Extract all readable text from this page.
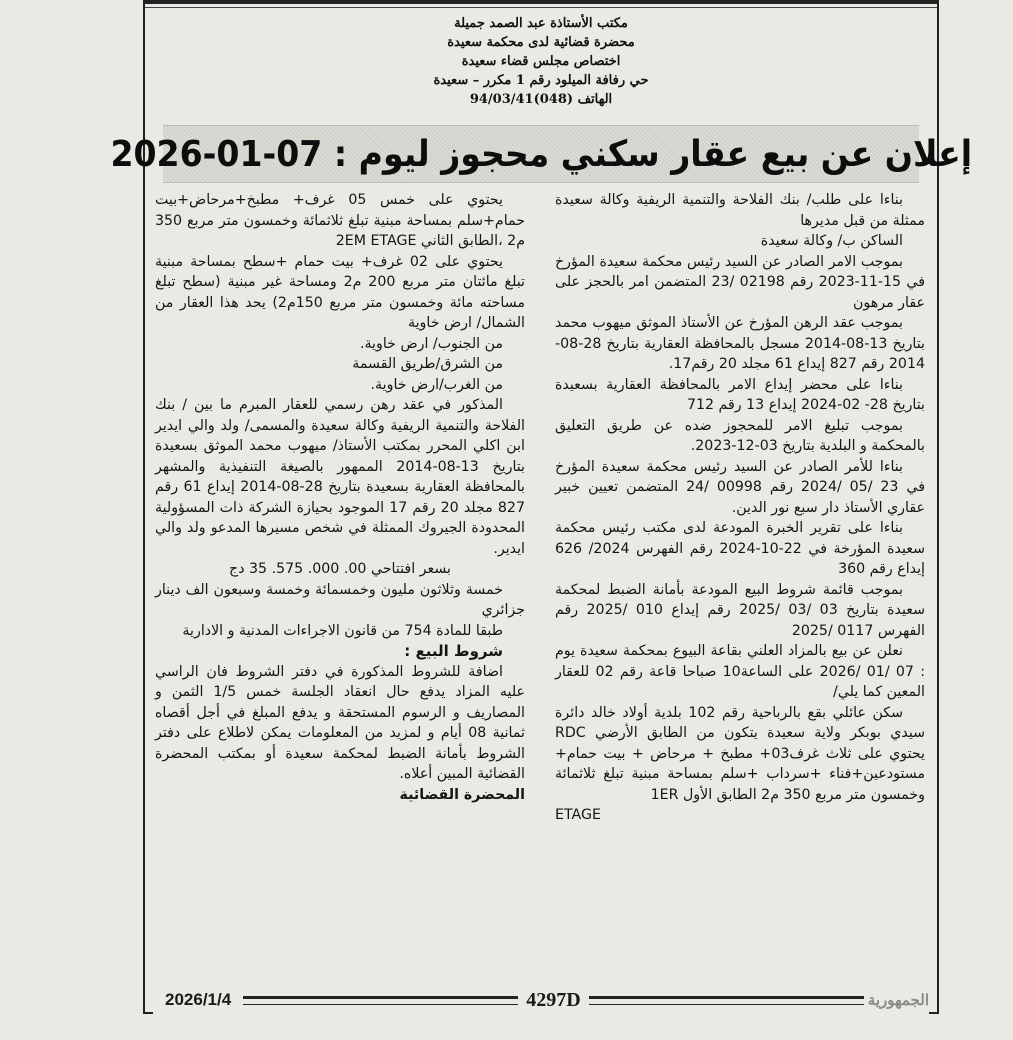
مكتب الأستاذة عبد الصمد جميلة
محضرة قضائية لدى محكمة سعيدة
اختصاص مجلس قضاء سعيدة
حي رفافة الميلود رقم 1 مكرر – سعيدة
الهاتف (048)94/03/41
إعلان عن بيع عقار سكني محجوز ليوم : 07-01-2026

بناءا على طلب/ بنك الفلاحة والتنمية الريفية وكالة سعيدة ممثلة من قبل مديرها

الساكن ب/ وكالة سعيدة

بموجب الامر الصادر عن السيد رئيس محكمة سعيدة المؤرخ في 15-11-2023 رقم 02198 /23 المتضمن امر بالحجز على عقار مرهون

بموجب عقد الرهن المؤرخ عن الأستاذ الموثق ميهوب محمد بتاريخ 13-08-2014 مسجل بالمحافظة العقارية بتاريخ 28-08-2014 رقم 827 إيداع 61 مجلد 20 رقم17.

بناءا على محضر إيداع الامر بالمحافظة العقارية بسعيدة بتاريخ 28- 02-2024 إيداع 13 رقم 712

بموجب تبليغ الامر للمحجوز ضده عن طريق التعليق بالمحكمة و البلدية بتاريخ 03-12-2023.

بناءا للأمر الصادر عن السيد رئيس محكمة سعيدة المؤرخ في 23 /05 /2024 رقم 00998 /24 المتضمن تعيين خبير عقاري الأستاذ دار سبع نور الدين.

بناءا على تقرير الخبرة المودعة لدى مكتب رئيس محكمة سعيدة المؤرخة في 22-10-2024 رقم الفهرس 2024/ 626 إيداع رقم 360

بموجب قائمة شروط البيع المودعة بأمانة الضبط لمحكمة سعيدة بتاريخ 03 /03 /2025 رقم إيداع 010 /2025 رقم الفهرس 0117 /2025

نعلن عن بيع بالمزاد العلني بقاعة البيوع بمحكمة سعيدة يوم : 07 /01 /2026 على الساعة10 صباحا قاعة رقم 02 للعقار المعين كما يلي/

سكن عائلي بقع بالرباحية رقم 102 بلدية أولاد خالد دائرة سيدي بوبكر ولاية سعيدة يتكون من الطابق الأرضي RDC يحتوي على ثلاث غرف03+ مطبخ + مرحاض + بيت حمام+ مستودعين+فناء +سرداب +سلم بمساحة مبنية تبلغ ثلاثمائة وخمسون متر مربع 350 م2 الطابق الأول 1ER

ETAGE

يحتوي على خمس 05 غرف+ مطبخ+مرحاض+بيت حمام+سلم بمساحة مبنية تبلغ ثلاثمائة وخمسون متر مربع 350 م2 ،الطابق الثاني 2EM ETAGE

يحتوي على 02 غرف+ بيت حمام +سطح بمساحة مبنية تبلغ مائتان متر مربع 200 م2 ومساحة غير مبنية (سطح تبلغ مساحته مائة وخمسون متر مربع 150م2) يحد هذا العقار من الشمال/ ارض خاوية

من الجنوب/ ارض خاوية.

من الشرق/طريق القسمة

من الغرب/ارض خاوية.

المذكور في عقد رهن رسمي للعقار المبرم ما بين / بنك الفلاحة والتنمية الريفية وكالة سعيدة والمسمى/ ولد والي ايدير ابن اكلي المحرر بمكتب الأستاذ/ ميهوب محمد الموثق بسعيدة بتاريخ 13-08-2014 الممهور بالصيغة التنفيذية والمشهر بالمحافظة العقارية بسعيدة بتاريخ 28-08-2014 إيداع 61 رقم 827 مجلد 20 رقم 17 الموجود بحيازة الشركة ذات المسؤولية المحدودة الجيروك الممثلة في شخص مسيرها المدعو ولد والي ايدير.

بسعر افتتاحي 00. 000. 575. 35 دج

خمسة وثلاثون مليون وخمسمائة وخمسة وسبعون الف دينار جزائري

طبقا للمادة 754 من قانون الاجراءات المدنية و الادارية

شروط البيع :

اضافة للشروط المذكورة في دفتر الشروط فان الراسي عليه المزاد يدفع حال انعقاد الجلسة خمس 1/5 الثمن و المصاريف و الرسوم المستحقة و يدفع المبلغ في أجل أقصاه ثمانية 08 أيام و لمزيد من المعلومات يمكن لاطلاع على دفتر الشروط بأمانة الضبط لمحكمة سعيدة أو بمكتب المحضرة القضائية المبين أعلاه.

المحضرة القضائية

2026/1/4	4297D	الجمهورية
